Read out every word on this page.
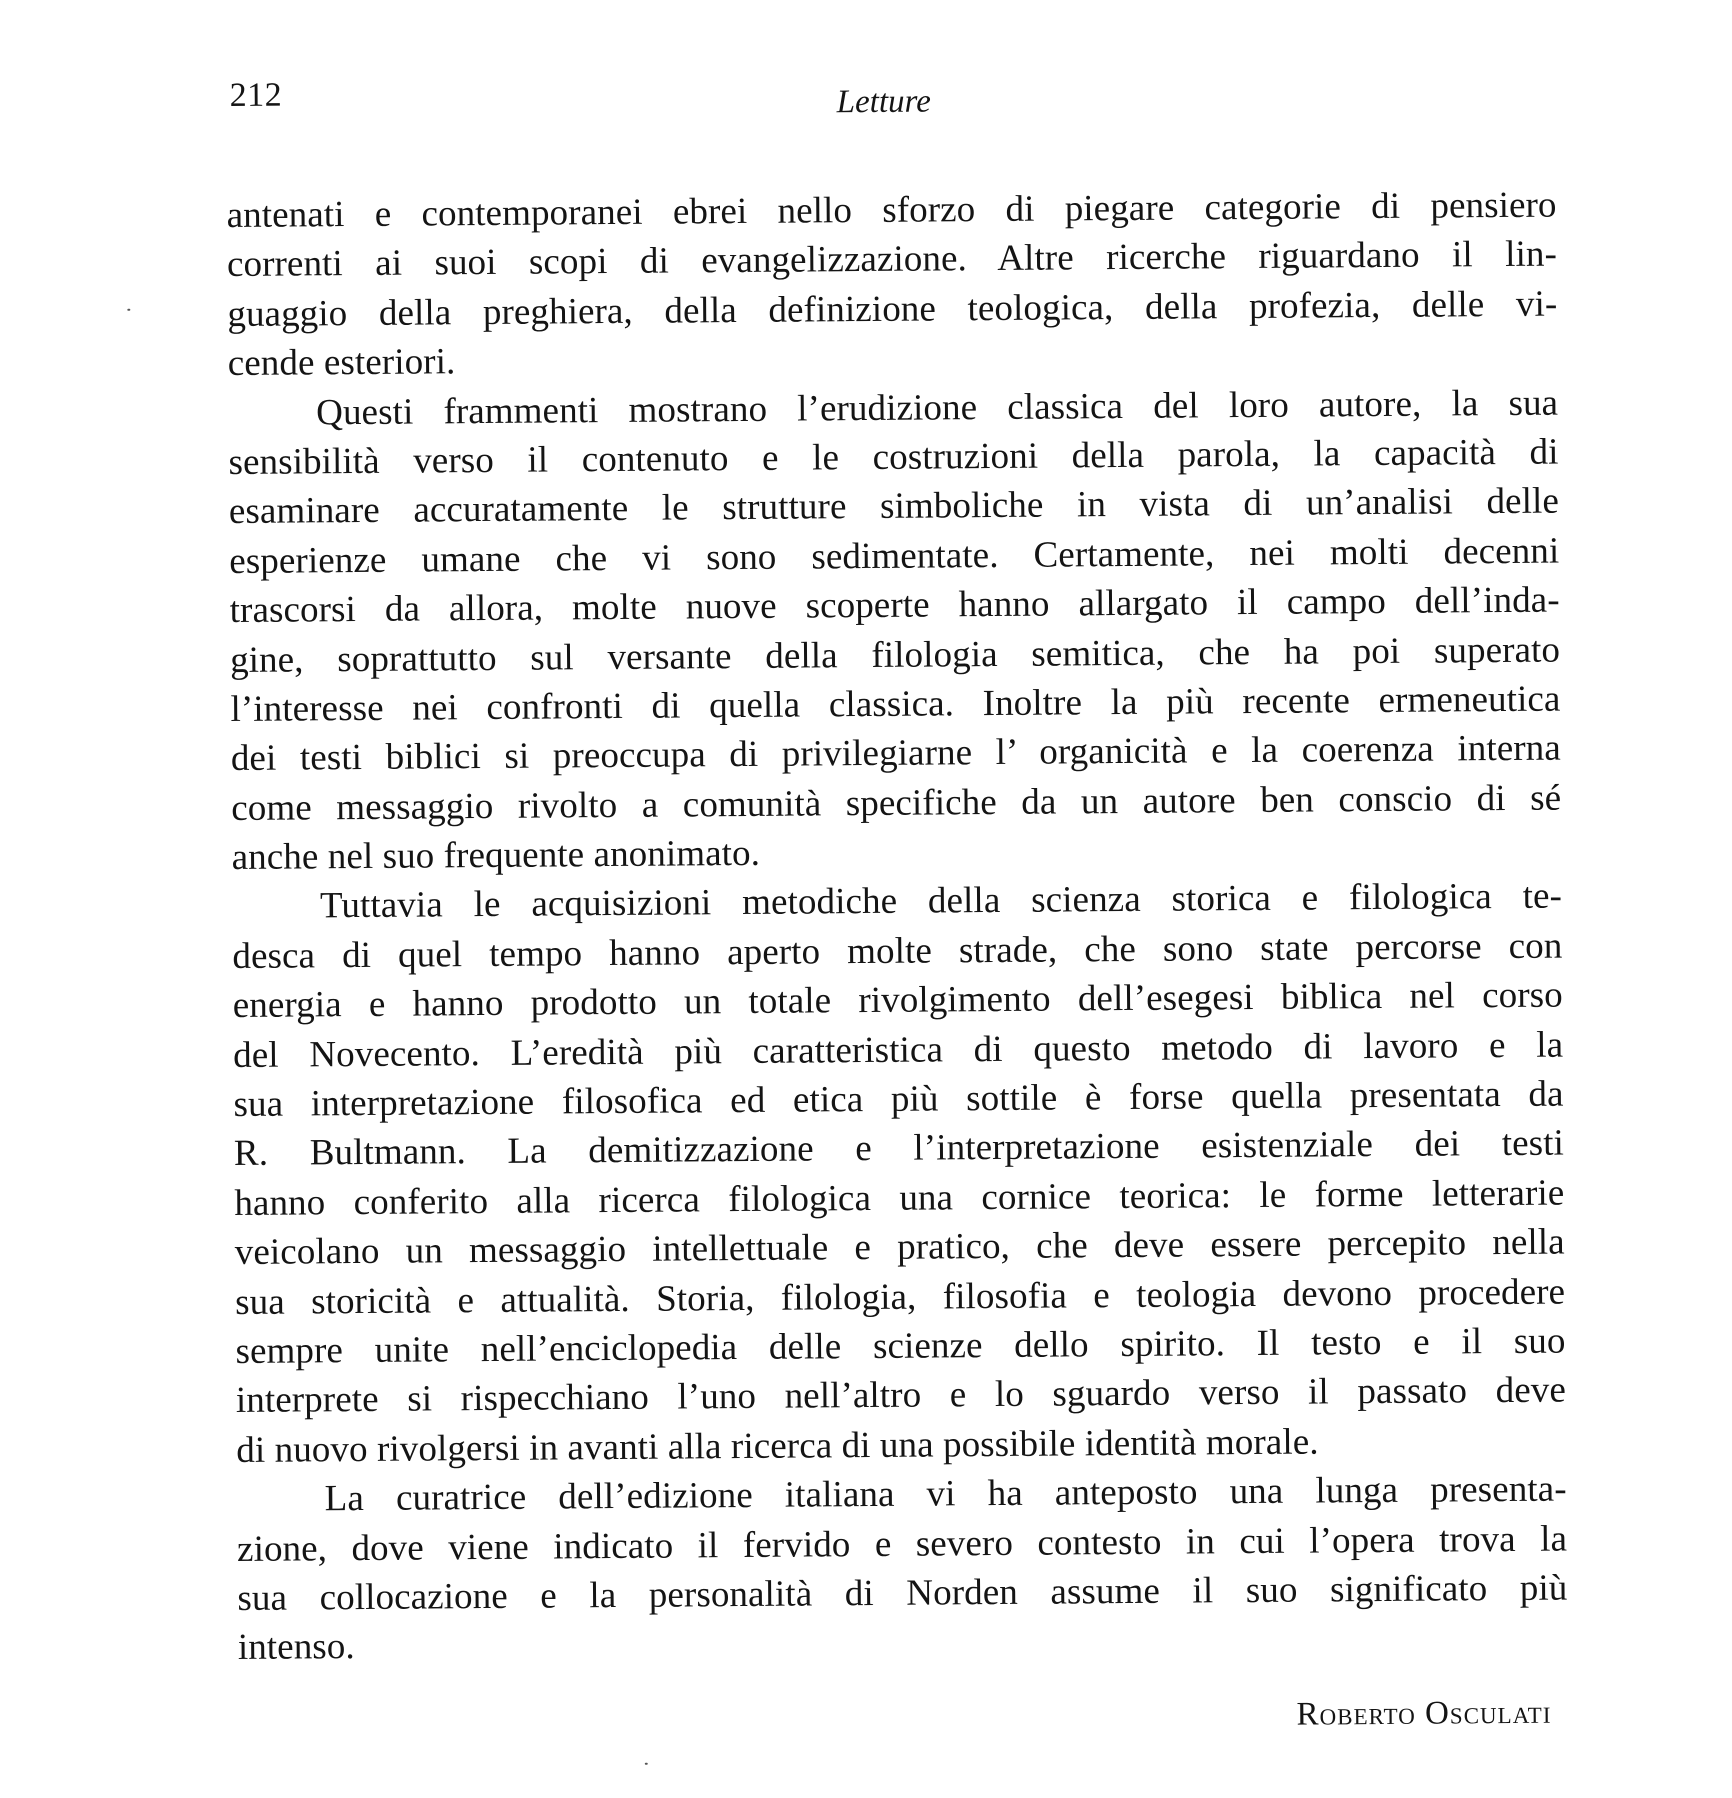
212	Letture
antenati e contemporanei ebrei nello sforzo di piegare categorie di pensiero
correnti ai suoi scopi di evangelizzazione. Altre ricerche riguardano il lin-
guaggio della preghiera, della definizione teologica, della profezia, delle vi-
cende esteriori.
Questi frammenti mostrano l’erudizione classica del loro autore, la sua
sensibilità verso il contenuto e le costruzioni della parola, la capacità di
esaminare accuratamente le strutture simboliche in vista di un’analisi delle
esperienze umane che vi sono sedimentate. Certamente, nei molti decenni
trascorsi da allora, molte nuove scoperte hanno allargato il campo dell’inda-
gine, soprattutto sul versante della filologia semitica, che ha poi superato
l’interesse nei confronti di quella classica. Inoltre la più recente ermeneutica
dei testi biblici si preoccupa di privilegiarne l’ organicità e la coerenza interna
come messaggio rivolto a comunità specifiche da un autore ben conscio di sé
anche nel suo frequente anonimato.
Tuttavia le acquisizioni metodiche della scienza storica e filologica te-
desca di quel tempo hanno aperto molte strade, che sono state percorse con
energia e hanno prodotto un totale rivolgimento dell’esegesi biblica nel corso
del Novecento. L’eredità più caratteristica di questo metodo di lavoro e la
sua interpretazione filosofica ed etica più sottile è forse quella presentata da
R. Bultmann. La demitizzazione e l’interpretazione esistenziale dei testi
hanno conferito alla ricerca filologica una cornice teorica: le forme letterarie
veicolano un messaggio intellettuale e pratico, che deve essere percepito nella
sua storicità e attualità. Storia, filologia, filosofia e teologia devono procedere
sempre unite nell’enciclopedia delle scienze dello spirito. Il testo e il suo
interprete si rispecchiano l’uno nell’altro e lo sguardo verso il passato deve
di nuovo rivolgersi in avanti alla ricerca di una possibile identità morale.
La curatrice dell’edizione italiana vi ha anteposto una lunga presenta-
zione, dove viene indicato il fervido e severo contesto in cui l’opera trova la
sua collocazione e la personalità di Norden assume il suo significato più
intenso.
Roberto Osculati
